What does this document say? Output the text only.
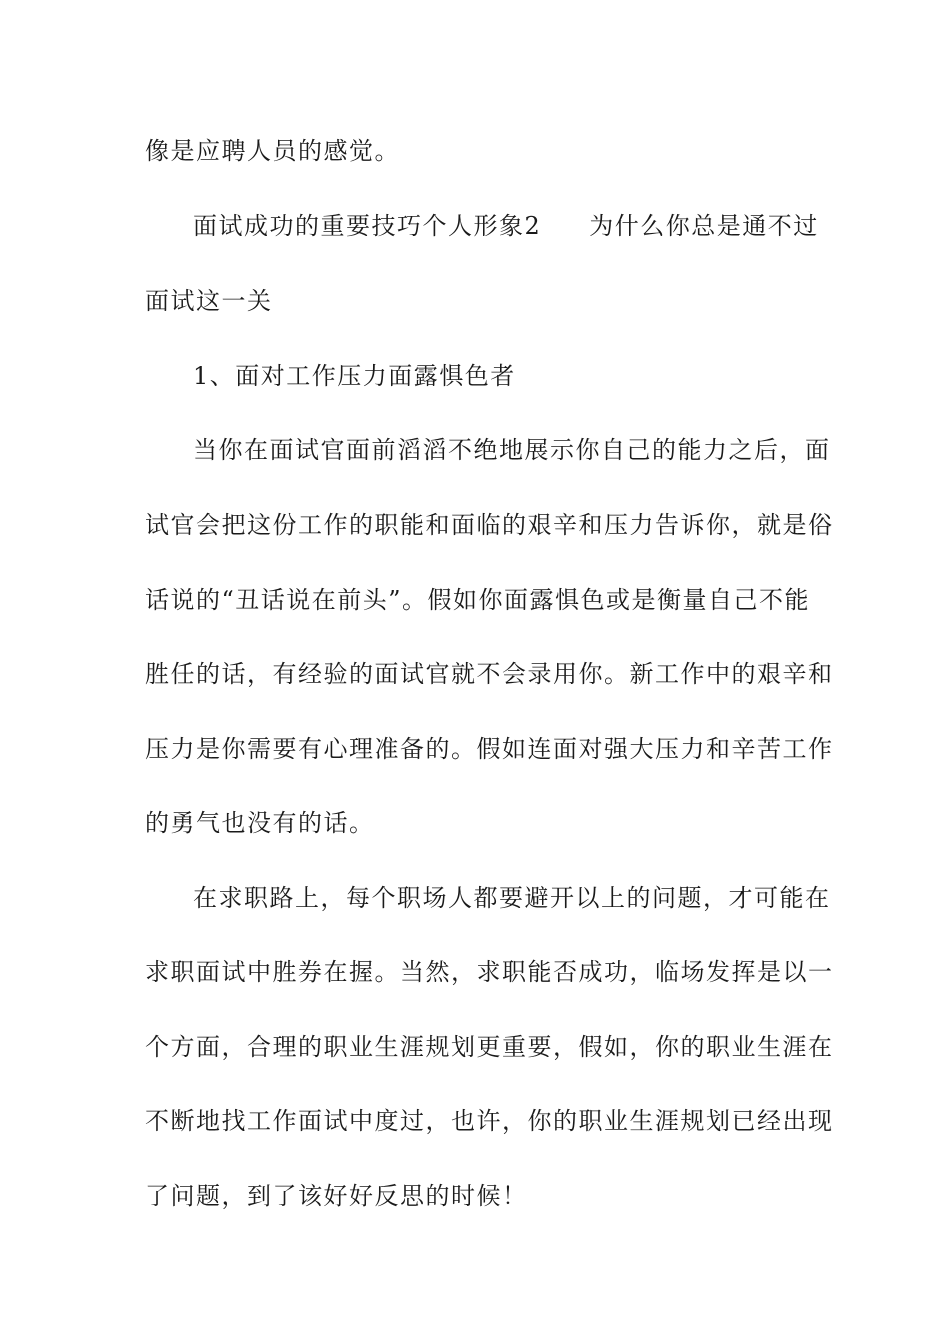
像是应聘人员的感觉。
面试成功的重要技巧个人形象2 为什么你总是通不过
面试这一关
1、面对工作压力面露惧色者
当你在面试官面前滔滔不绝地展示你自己的能力之后，面
试官会把这份工作的职能和面临的艰辛和压力告诉你，就是俗
话说的“丑话说在前头”。假如你面露惧色或是衡量自己不能
胜任的话，有经验的面试官就不会录用你。新工作中的艰辛和
压力是你需要有心理准备的。假如连面对强大压力和辛苦工作
的勇气也没有的话。
在求职路上，每个职场人都要避开以上的问题，才可能在
求职面试中胜券在握。当然，求职能否成功，临场发挥是以一
个方面，合理的职业生涯规划更重要，假如，你的职业生涯在
不断地找工作面试中度过，也许，你的职业生涯规划已经出现
了问题，到了该好好反思的时候！
